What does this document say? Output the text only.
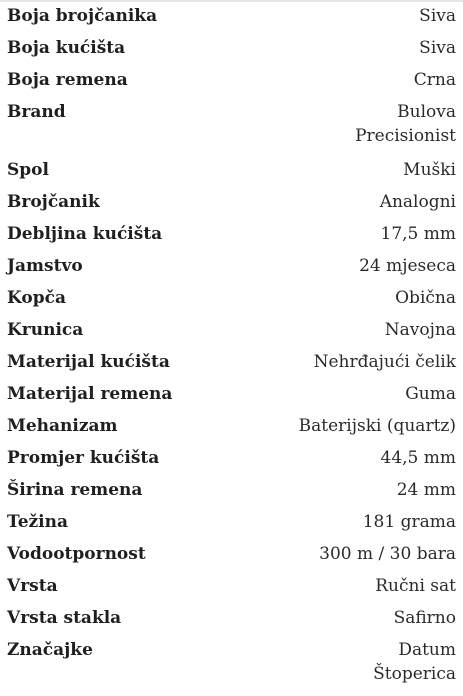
Boja brojčanika	Siva
Boja kućišta	Siva
Boja remena	Crna
Brand	Bulova
Precisionist
Spol	Muški
Brojčanik	Analogni
Debljina kućišta	17,5 mm
Jamstvo	24 mjeseca
Kopča	Obična
Krunica	Navojna
Materijal kućišta	Nehrđajući čelik
Materijal remena	Guma
Mehanizam	Baterijski (quartz)
Promjer kućišta	44,5 mm
Širina remena	24 mm
Težina	181 grama
Vodootpornost	300 m / 30 bara
Vrsta	Ručni sat
Vrsta stakla	Safirno
Značajke	Datum
Štoperica
